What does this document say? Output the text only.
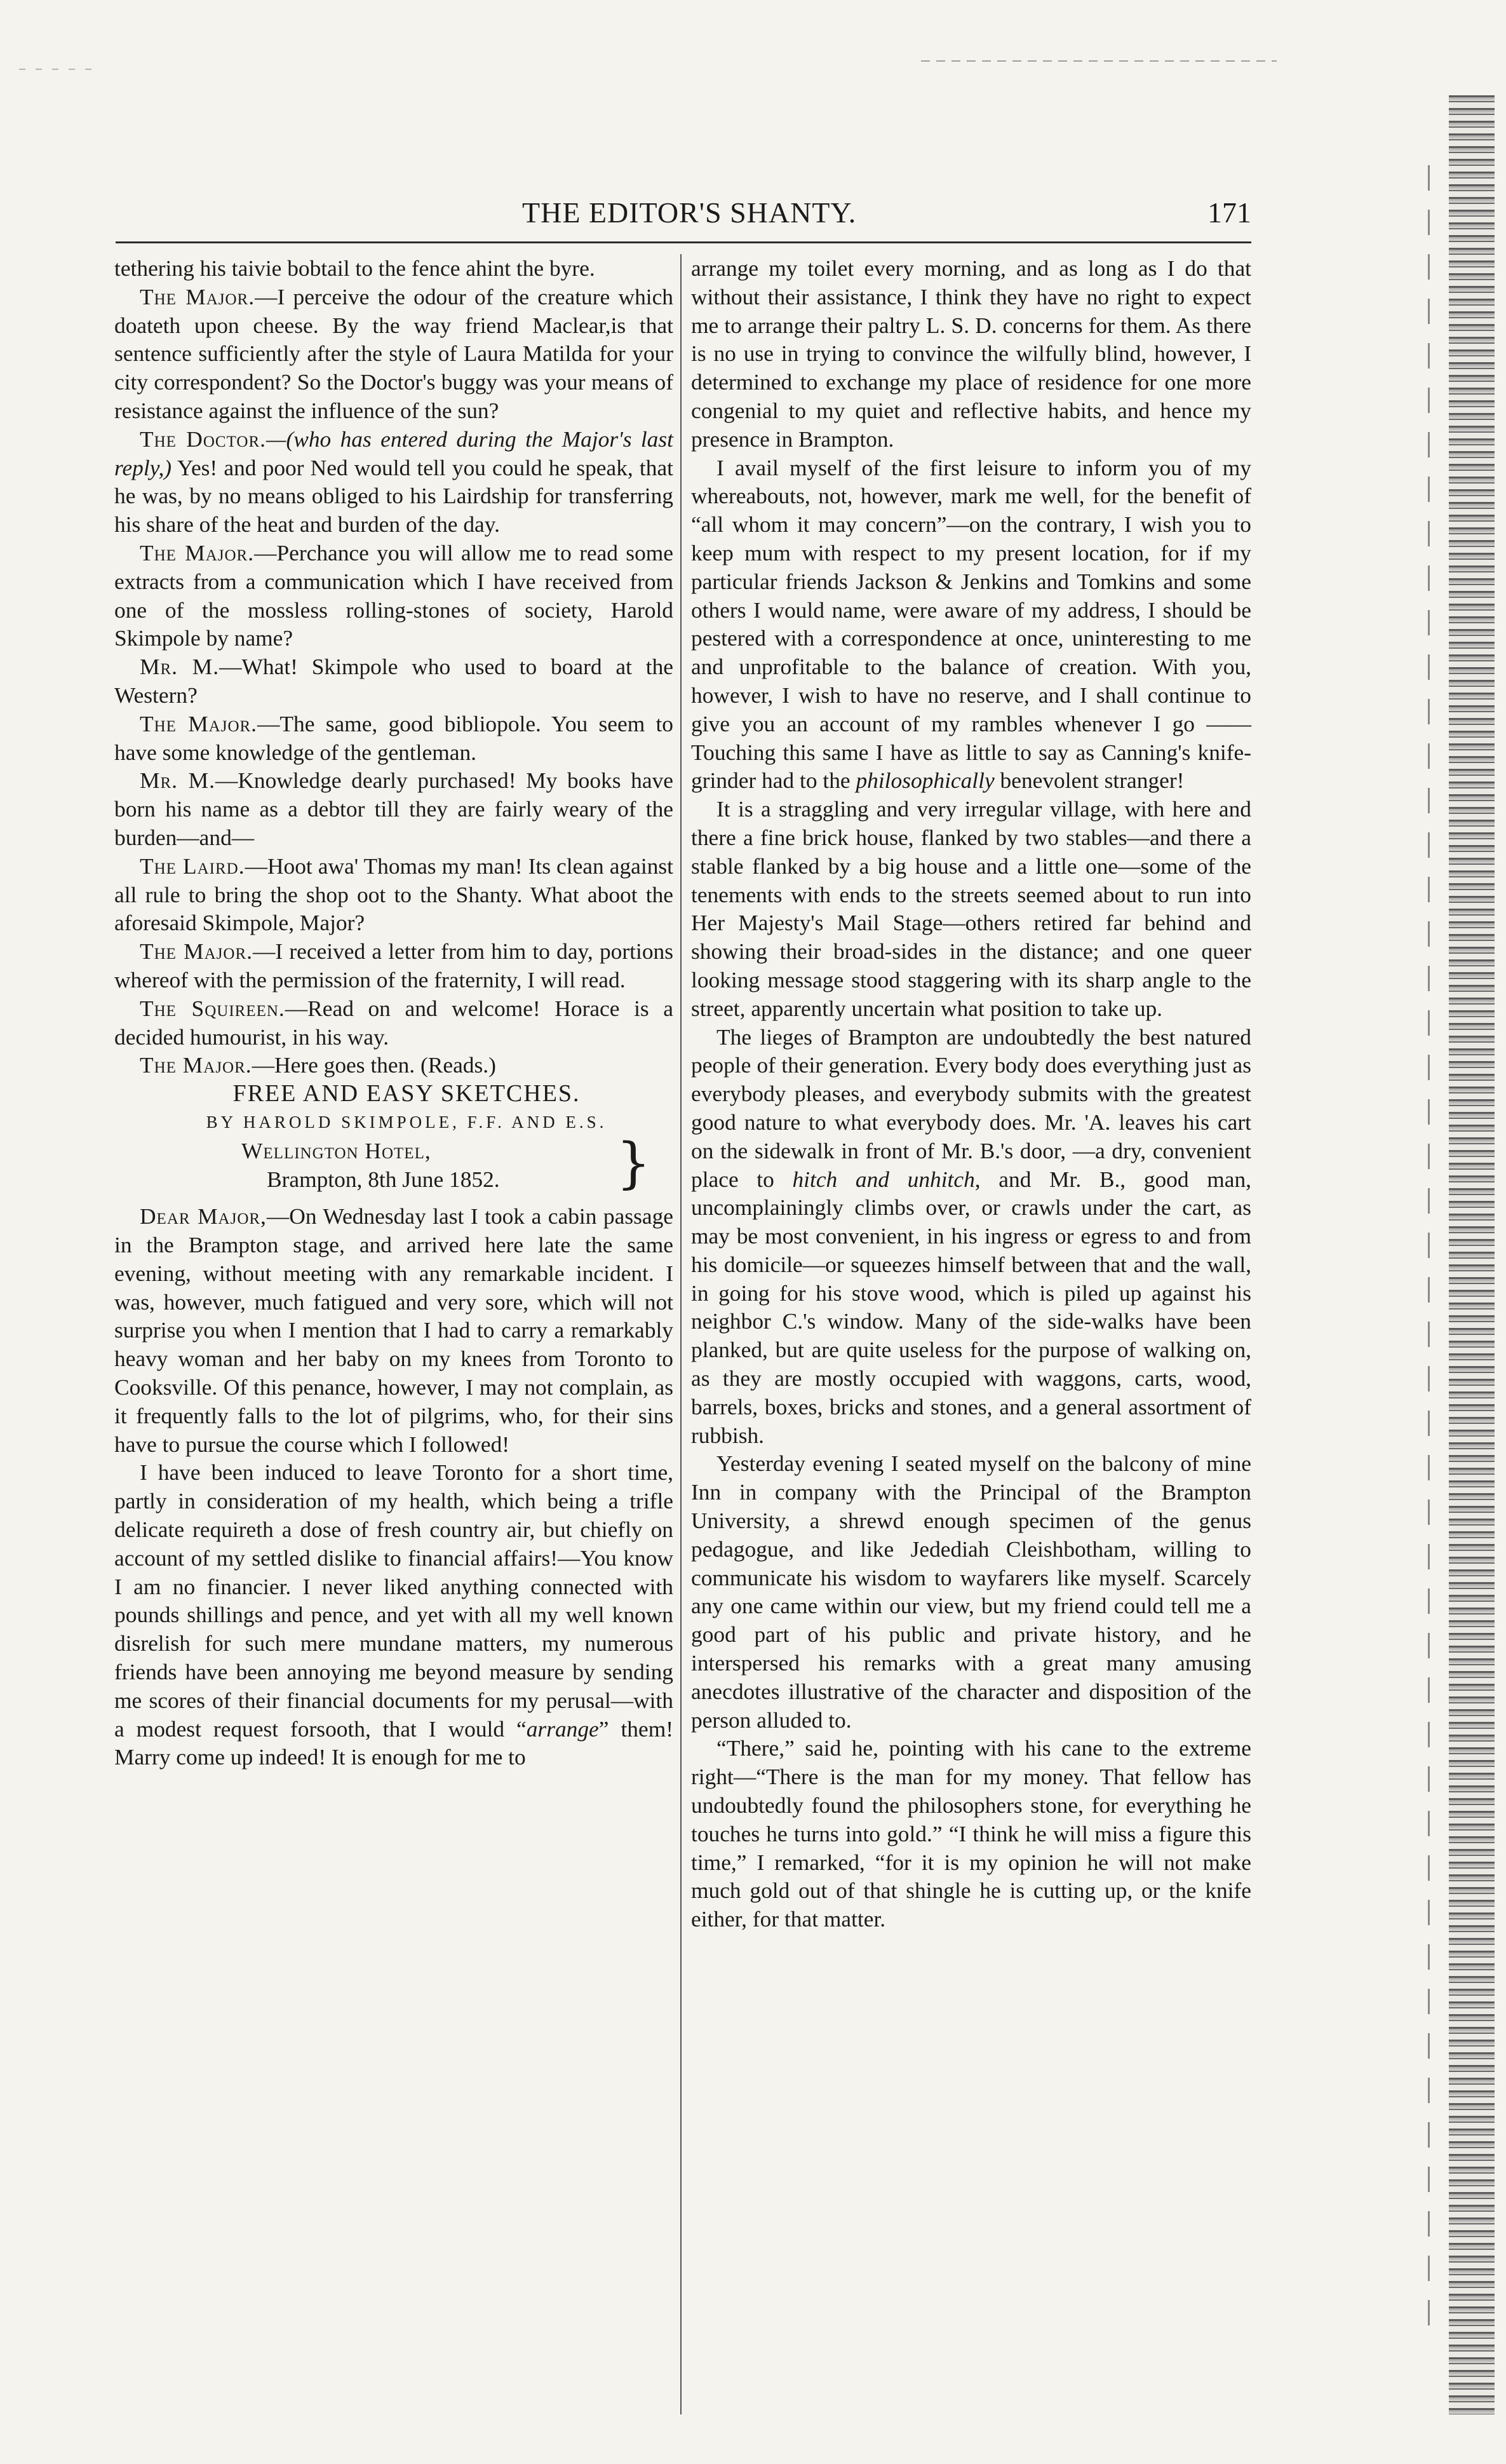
THE EDITOR'S SHANTY.	171

tethering his taivie bobtail to the fence ahint the byre.

The Major.—I perceive the odour of the creature which doateth upon cheese. By the way friend Maclear,is that sentence sufficiently after the style of Laura Matilda for your city correspondent? So the Doctor's buggy was your means of resistance against the influence of the sun?

The Doctor.—(who has entered during the Major's last reply,) Yes! and poor Ned would tell you could he speak, that he was, by no means obliged to his Lairdship for transferring his share of the heat and burden of the day.

The Major.—Perchance you will allow me to read some extracts from a communication which I have received from one of the mossless rolling-stones of society, Harold Skimpole by name?

Mr. M.—What! Skimpole who used to board at the Western?

The Major.—The same, good bibliopole. You seem to have some knowledge of the gentleman.

Mr. M.—Knowledge dearly purchased! My books have born his name as a debtor till they are fairly weary of the burden—and—

The Laird.—Hoot awa' Thomas my man! Its clean against all rule to bring the shop oot to the Shanty. What aboot the aforesaid Skimpole, Major?

The Major.—I received a letter from him to day, portions whereof with the permission of the fraternity, I will read.

The Squireen.—Read on and welcome! Horace is a decided humourist, in his way.

The Major.—Here goes then. (Reads.)

FREE AND EASY SKETCHES.

BY HAROLD SKIMPOLE, F.F. AND E.S.

Wellington Hotel,
Brampton, 8th June 1852.	}

Dear Major,—On Wednesday last I took a cabin passage in the Brampton stage, and arrived here late the same evening, without meeting with any remarkable incident. I was, however, much fatigued and very sore, which will not surprise you when I mention that I had to carry a remarkably heavy woman and her baby on my knees from Toronto to Cooksville. Of this penance, however, I may not complain, as it frequently falls to the lot of pilgrims, who, for their sins have to pursue the course which I followed!

I have been induced to leave Toronto for a short time, partly in consideration of my health, which being a trifle delicate requireth a dose of fresh country air, but chiefly on account of my settled dislike to financial affairs!—You know I am no financier. I never liked anything connected with pounds shillings and pence, and yet with all my well known disrelish for such mere mundane matters, my numerous friends have been annoying me beyond measure by sending me scores of their financial documents for my perusal—with a modest request forsooth, that I would “arrange” them! Marry come up indeed! It is enough for me to

arrange my toilet every morning, and as long as I do that without their assistance, I think they have no right to expect me to arrange their paltry L. S. D. concerns for them. As there is no use in trying to convince the wilfully blind, however, I determined to exchange my place of residence for one more congenial to my quiet and reflective habits, and hence my presence in Brampton.

I avail myself of the first leisure to inform you of my whereabouts, not, however, mark me well, for the benefit of “all whom it may concern”—on the contrary, I wish you to keep mum with respect to my present location, for if my particular friends Jackson & Jenkins and Tomkins and some others I would name, were aware of my address, I should be pestered with a correspondence at once, uninteresting to me and unprofitable to the balance of creation. With you, however, I wish to have no reserve, and I shall continue to give you an account of my rambles whenever I go ——Touching this same I have as little to say as Canning's knife-grinder had to the philosophically benevolent stranger!

It is a straggling and very irregular village, with here and there a fine brick house, flanked by two stables—and there a stable flanked by a big house and a little one—some of the tenements with ends to the streets seemed about to run into Her Majesty's Mail Stage—others retired far behind and showing their broad-sides in the distance; and one queer looking message stood staggering with its sharp angle to the street, apparently uncertain what position to take up.

The lieges of Brampton are undoubtedly the best natured people of their generation. Every body does everything just as everybody pleases, and everybody submits with the greatest good nature to what everybody does. Mr. 'A. leaves his cart on the sidewalk in front of Mr. B.'s door, —a dry, convenient place to hitch and unhitch, and Mr. B., good man, uncomplainingly climbs over, or crawls under the cart, as may be most convenient, in his ingress or egress to and from his domicile—or squeezes himself between that and the wall, in going for his stove wood, which is piled up against his neighbor C.'s window. Many of the side-walks have been planked, but are quite useless for the purpose of walking on, as they are mostly occupied with waggons, carts, wood, barrels, boxes, bricks and stones, and a general assortment of rubbish.

Yesterday evening I seated myself on the balcony of mine Inn in company with the Principal of the Brampton University, a shrewd enough specimen of the genus pedagogue, and like Jedediah Cleishbotham, willing to communicate his wisdom to wayfarers like myself. Scarcely any one came within our view, but my friend could tell me a good part of his public and private history, and he interspersed his remarks with a great many amusing anecdotes illustrative of the character and disposition of the person alluded to.

“There,” said he, pointing with his cane to the extreme right—“There is the man for my money. That fellow has undoubtedly found the philosophers stone, for everything he touches he turns into gold.” “I think he will miss a figure this time,” I remarked, “for it is my opinion he will not make much gold out of that shingle he is cutting up, or the knife either, for that matter.
